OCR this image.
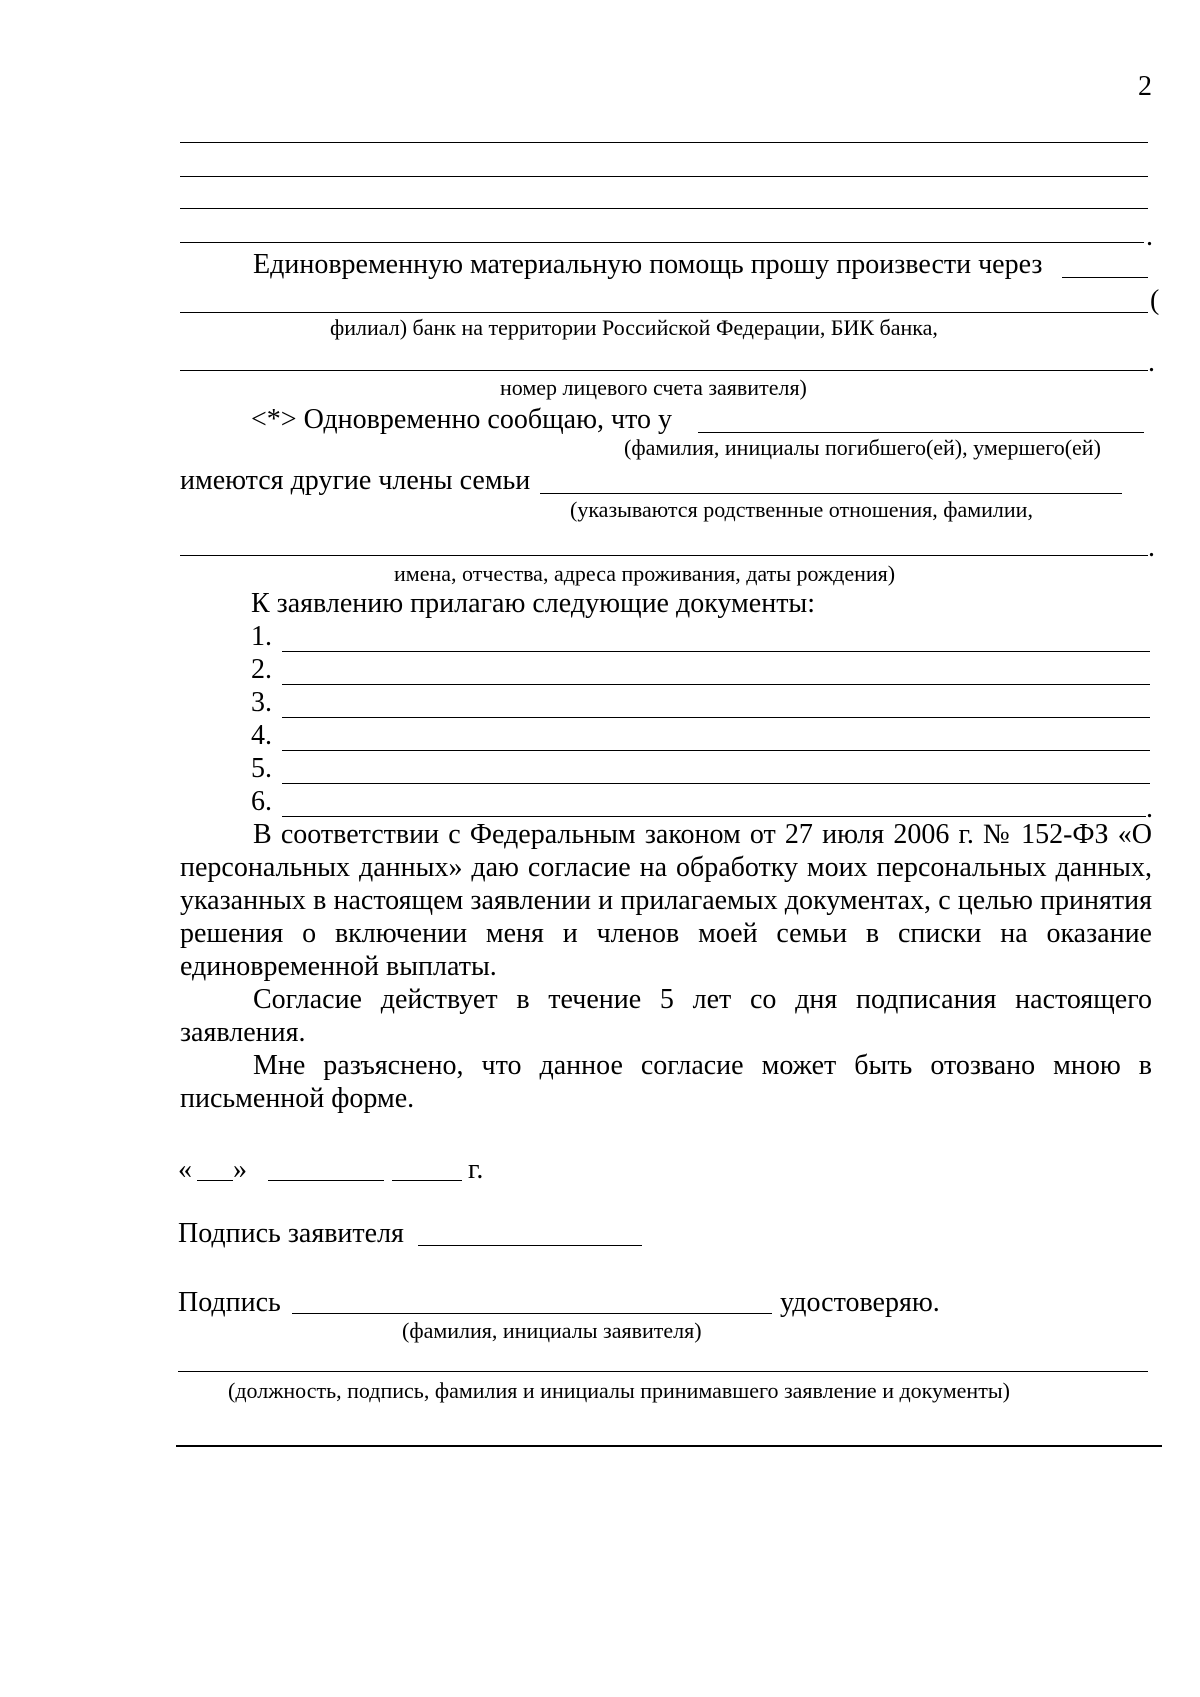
2
.
Единовременную материальную помощь прошу произвести через
(
филиал) банк на территории Российской Федерации, БИК банка,
.
номер лицевого счета заявителя)
<*> Одновременно сообщаю, что у
(фамилия, инициалы погибшего(ей), умершего(ей)
имеются другие члены семьи
(указываются родственные отношения, фамилии,
.
имена, отчества, адреса проживания, даты рождения)
К заявлению прилагаю следующие документы:
1.
2.
3.
4.
5.
6.	.
В соответствии с Федеральным законом от 27 июля 2006 г. № 152-ФЗ «О персональных данных» даю согласие на обработку моих персональных данных, указанных в настоящем заявлении и прилагаемых документах, с целью принятия решения о включении меня и членов моей семьи в списки на оказание единовременной выплаты.
Согласие действует в течение 5 лет со дня подписания настоящего заявления.
Мне разъяснено, что данное согласие может быть отозвано мною в письменной форме.
« »	г.
Подпись заявителя
Подпись	удостоверяю.
(фамилия, инициалы заявителя)
(должность, подпись, фамилия и инициалы принимавшего заявление и документы)
